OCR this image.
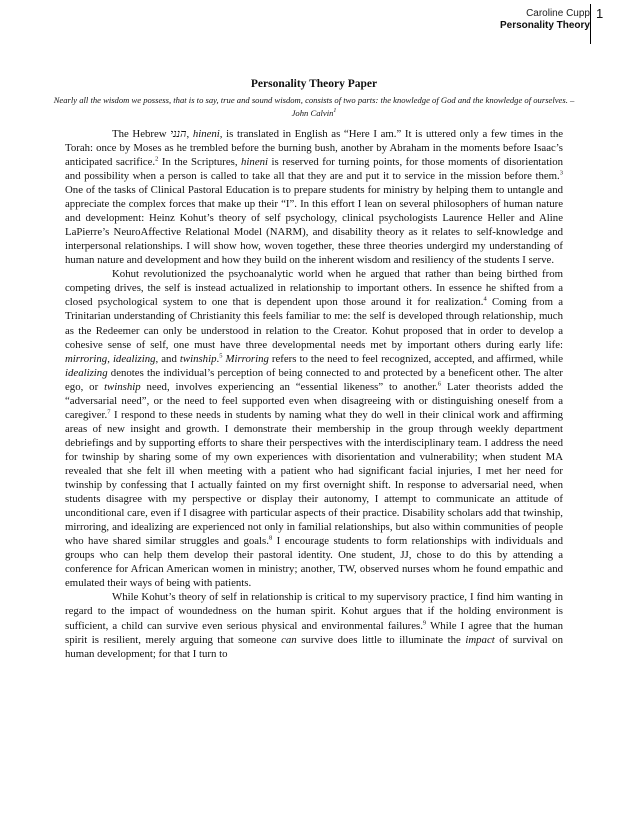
Caroline Cupp
Personality Theory
1
Personality Theory Paper
Nearly all the wisdom we possess, that is to say, true and sound wisdom, consists of two parts: the knowledge of God and the knowledge of ourselves. – John Calvin$^1$

The Hebrew הנני, hineni, is translated in English as “Here I am.” It is uttered only a few times in the Torah: once by Moses as he trembled before the burning bush, another by Abraham in the moments before Isaac’s anticipated sacrifice.$^2$ In the Scriptures, hineni is reserved for turning points, for those moments of disorientation and possibility when a person is called to take all that they are and put it to service in the mission before them.$^3$ One of the tasks of Clinical Pastoral Education is to prepare students for ministry by helping them to untangle and appreciate the complex forces that make up their “I”. In this effort I lean on several philosophers of human nature and development: Heinz Kohut’s theory of self psychology, clinical psychologists Laurence Heller and Aline LaPierre’s NeuroAffective Relational Model (NARM), and disability theory as it relates to self-knowledge and interpersonal relationships. I will show how, woven together, these three theories undergird my understanding of human nature and development and how they build on the inherent wisdom and resiliency of the students I serve.

Kohut revolutionized the psychoanalytic world when he argued that rather than being birthed from competing drives, the self is instead actualized in relationship to important others. In essence he shifted from a closed psychological system to one that is dependent upon those around it for realization.$^4$ Coming from a Trinitarian understanding of Christianity this feels familiar to me: the self is developed through relationship, much as the Redeemer can only be understood in relation to the Creator. Kohut proposed that in order to develop a cohesive sense of self, one must have three developmental needs met by important others during early life: mirroring, idealizing, and twinship.$^5$ Mirroring refers to the need to feel recognized, accepted, and affirmed, while idealizing denotes the individual’s perception of being connected to and protected by a beneficent other. The alter ego, or twinship need, involves experiencing an “essential likeness” to another.$^6$ Later theorists added the “adversarial need”, or the need to feel supported even when disagreeing with or distinguishing oneself from a caregiver.$^7$ I respond to these needs in students by naming what they do well in their clinical work and affirming areas of new insight and growth. I demonstrate their membership in the group through weekly department debriefings and by supporting efforts to share their perspectives with the interdisciplinary team. I address the need for twinship by sharing some of my own experiences with disorientation and vulnerability; when student MA revealed that she felt ill when meeting with a patient who had significant facial injuries, I met her need for twinship by confessing that I actually fainted on my first overnight shift. In response to adversarial need, when students disagree with my perspective or display their autonomy, I attempt to communicate an attitude of unconditional care, even if I disagree with particular aspects of their practice. Disability scholars add that twinship, mirroring, and idealizing are experienced not only in familial relationships, but also within communities of people who have shared similar struggles and goals.$^8$ I encourage students to form relationships with individuals and groups who can help them develop their pastoral identity. One student, JJ, chose to do this by attending a conference for African American women in ministry; another, TW, observed nurses whom he found empathic and emulated their ways of being with patients.

While Kohut’s theory of self in relationship is critical to my supervisory practice, I find him wanting in regard to the impact of woundedness on the human spirit. Kohut argues that if the holding environment is sufficient, a child can survive even serious physical and environmental failures.$^9$ While I agree that the human spirit is resilient, merely arguing that someone can survive does little to illuminate the impact of survival on human development; for that I turn to
